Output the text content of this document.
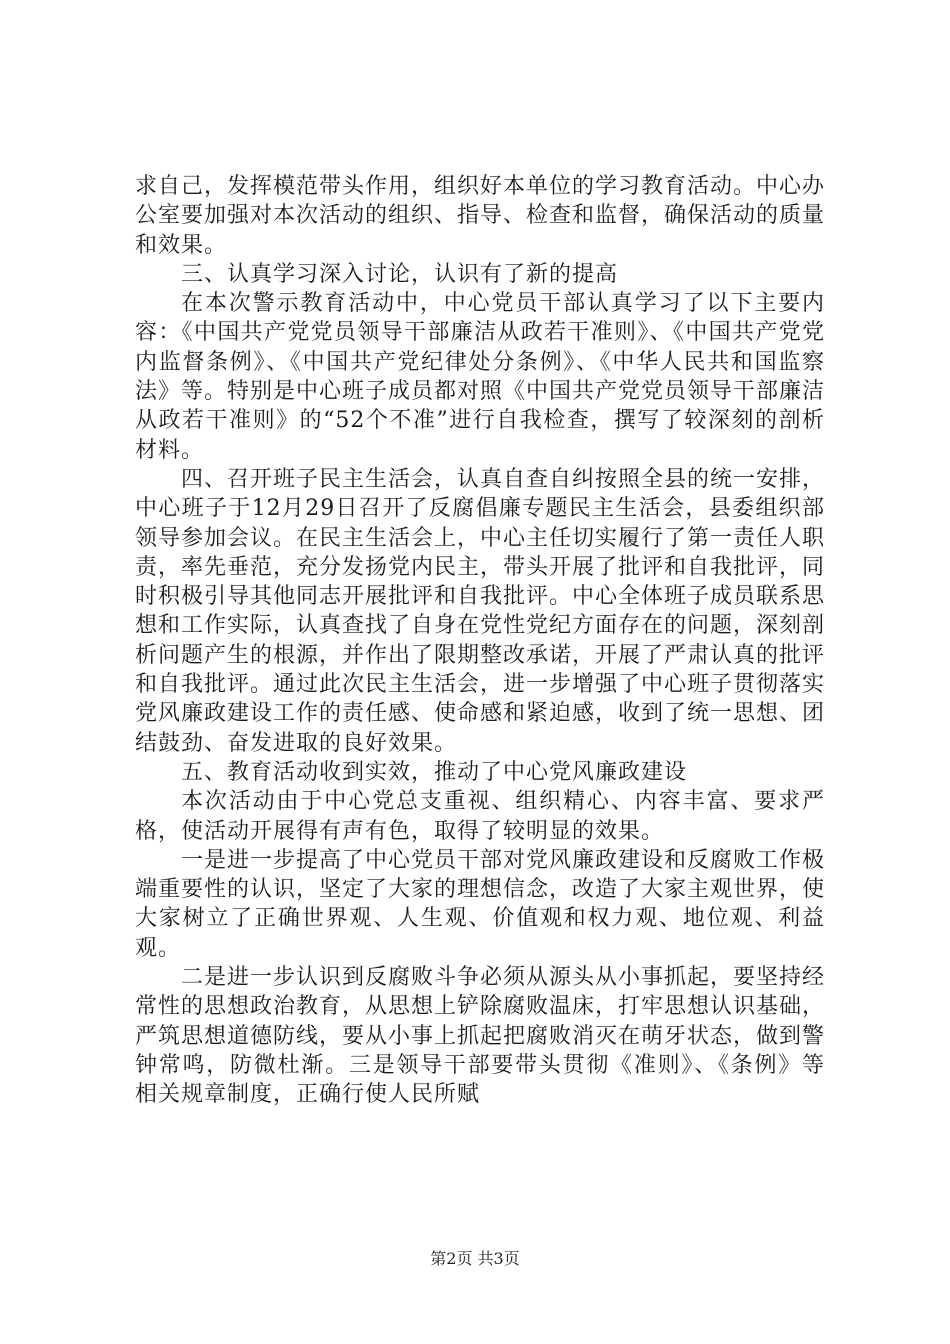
求自己，发挥模范带头作用，组织好本单位的学习教育活动。中心办公室要加强对本次活动的组织、指导、检查和监督，确保活动的质量和效果。

三、认真学习深入讨论，认识有了新的提高

在本次警示教育活动中，中心党员干部认真学习了以下主要内容：《中国共产党党员领导干部廉洁从政若干准则》、《中国共产党党内监督条例》、《中国共产党纪律处分条例》、《中华人民共和国监察法》等。特别是中心班子成员都对照《中国共产党党员领导干部廉洁从政若干准则》的“52个不准”进行自我检查，撰写了较深刻的剖析材料。

四、召开班子民主生活会，认真自查自纠按照全县的统一安排，中心班子于12月29日召开了反腐倡廉专题民主生活会，县委组织部领导参加会议。在民主生活会上，中心主任切实履行了第一责任人职责，率先垂范，充分发扬党内民主，带头开展了批评和自我批评，同时积极引导其他同志开展批评和自我批评。中心全体班子成员联系思想和工作实际，认真查找了自身在党性党纪方面存在的问题，深刻剖析问题产生的根源，并作出了限期整改承诺，开展了严肃认真的批评和自我批评。通过此次民主生活会，进一步增强了中心班子贯彻落实党风廉政建设工作的责任感、使命感和紧迫感，收到了统一思想、团结鼓劲、奋发进取的良好效果。

五、教育活动收到实效，推动了中心党风廉政建设

本次活动由于中心党总支重视、组织精心、内容丰富、要求严格，使活动开展得有声有色，取得了较明显的效果。

一是进一步提高了中心党员干部对党风廉政建设和反腐败工作极端重要性的认识，坚定了大家的理想信念，改造了大家主观世界，使大家树立了正确世界观、人生观、价值观和权力观、地位观、利益观。

二是进一步认识到反腐败斗争必须从源头从小事抓起，要坚持经常性的思想政治教育，从思想上铲除腐败温床，打牢思想认识基础，严筑思想道德防线，要从小事上抓起把腐败消灭在萌牙状态，做到警钟常鸣，防微杜渐。三是领导干部要带头贯彻《准则》、《条例》等相关规章制度，正确行使人民所赋

第2页 共3页
